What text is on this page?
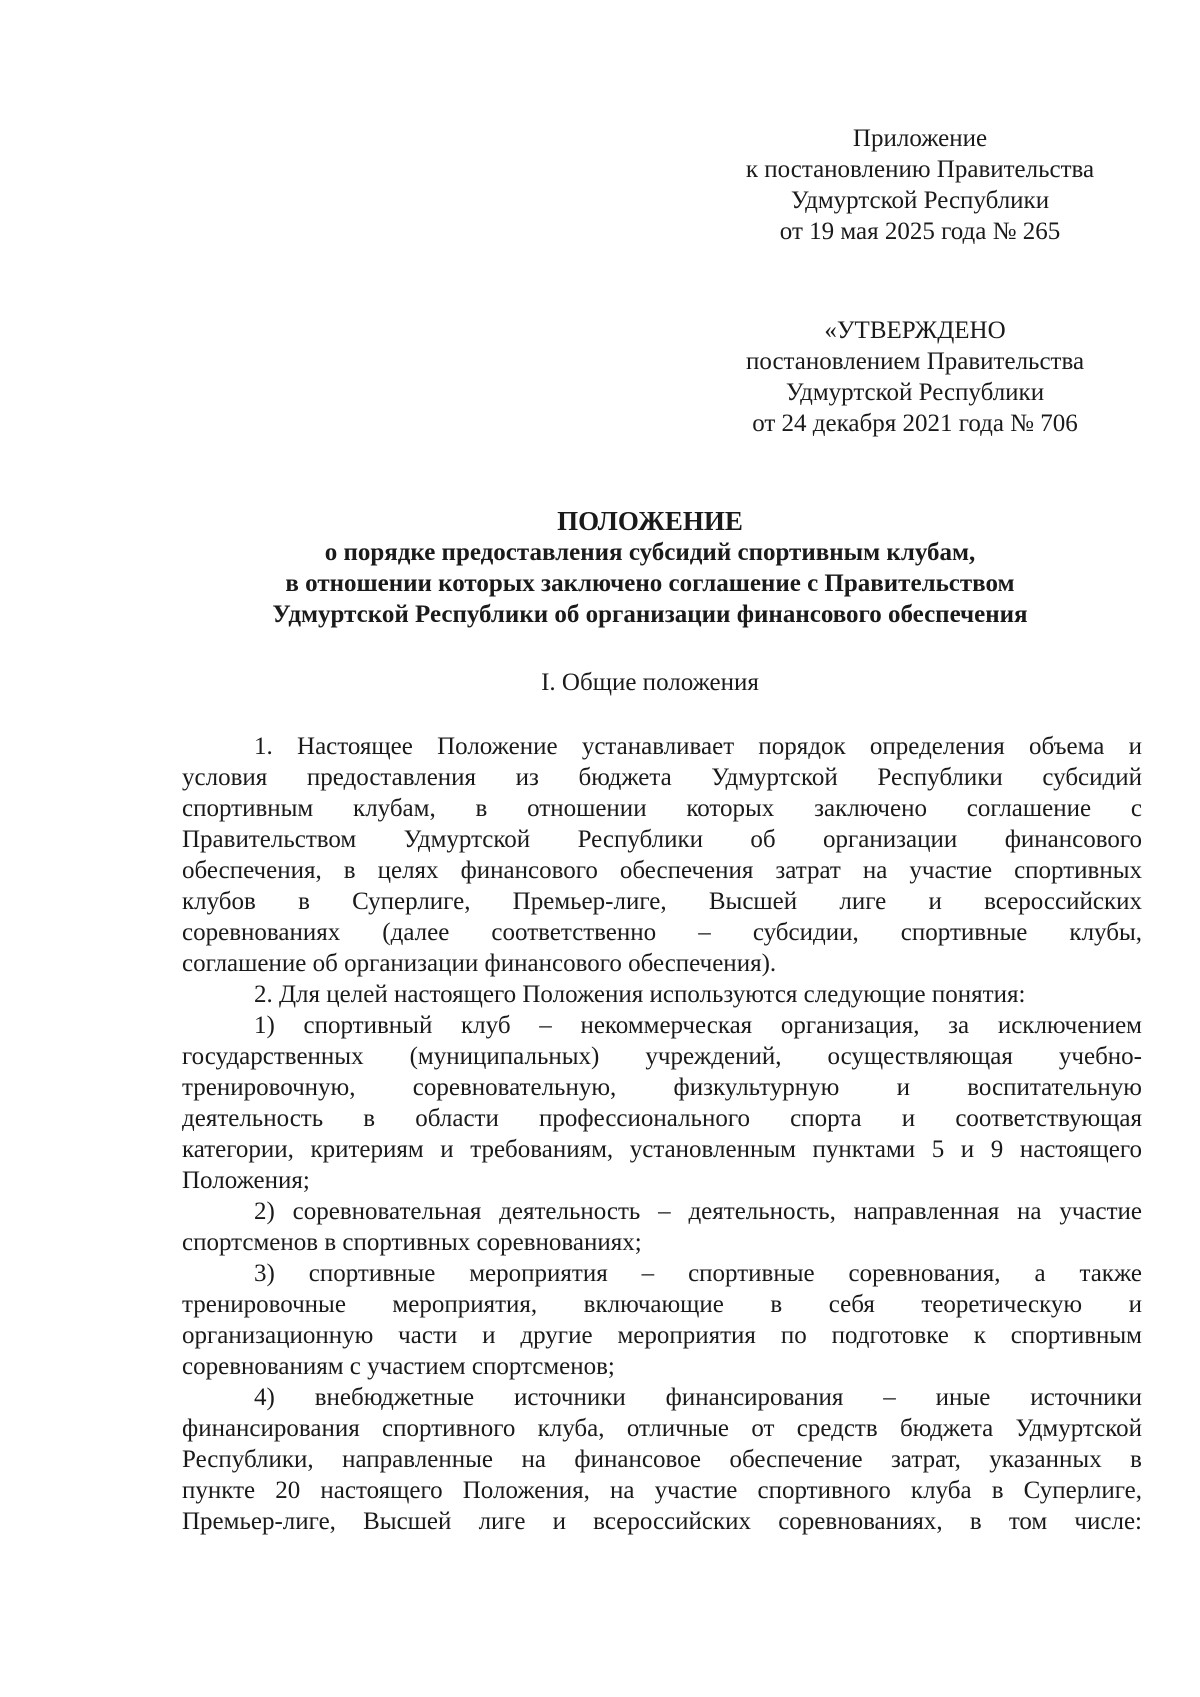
Приложение
к постановлению Правительства
Удмуртской Республики
от 19 мая 2025 года № 265
«УТВЕРЖДЕНО
постановлением Правительства
Удмуртской Республики
от 24 декабря 2021 года № 706
ПОЛОЖЕНИЕ
о порядке предоставления субсидий спортивным клубам,
в отношении которых заключено соглашение с Правительством
Удмуртской Республики об организации финансового обеспечения
I. Общие положения
1. Настоящее Положение устанавливает порядок определения объема и
условия предоставления из бюджета Удмуртской Республики субсидий
спортивным клубам, в отношении которых заключено соглашение с
Правительством Удмуртской Республики об организации финансового
обеспечения, в целях финансового обеспечения затрат на участие спортивных
клубов в Суперлиге, Премьер-лиге, Высшей лиге и всероссийских
соревнованиях (далее соответственно – субсидии, спортивные клубы,
соглашение об организации финансового обеспечения).
2. Для целей настоящего Положения используются следующие понятия:
1) спортивный клуб – некоммерческая организация, за исключением
государственных (муниципальных) учреждений, осуществляющая учебно-
тренировочную, соревновательную, физкультурную и воспитательную
деятельность в области профессионального спорта и соответствующая
категории, критериям и требованиям, установленным пунктами 5 и 9 настоящего
Положения;
2) соревновательная деятельность – деятельность, направленная на участие
спортсменов в спортивных соревнованиях;
3) спортивные мероприятия – спортивные соревнования, а также
тренировочные мероприятия, включающие в себя теоретическую и
организационную части и другие мероприятия по подготовке к спортивным
соревнованиям с участием спортсменов;
4) внебюджетные источники финансирования – иные источники
финансирования спортивного клуба, отличные от средств бюджета Удмуртской
Республики, направленные на финансовое обеспечение затрат, указанных в
пункте 20 настоящего Положения, на участие спортивного клуба в Суперлиге,
Премьер-лиге, Высшей лиге и всероссийских соревнованиях, в том числе:
